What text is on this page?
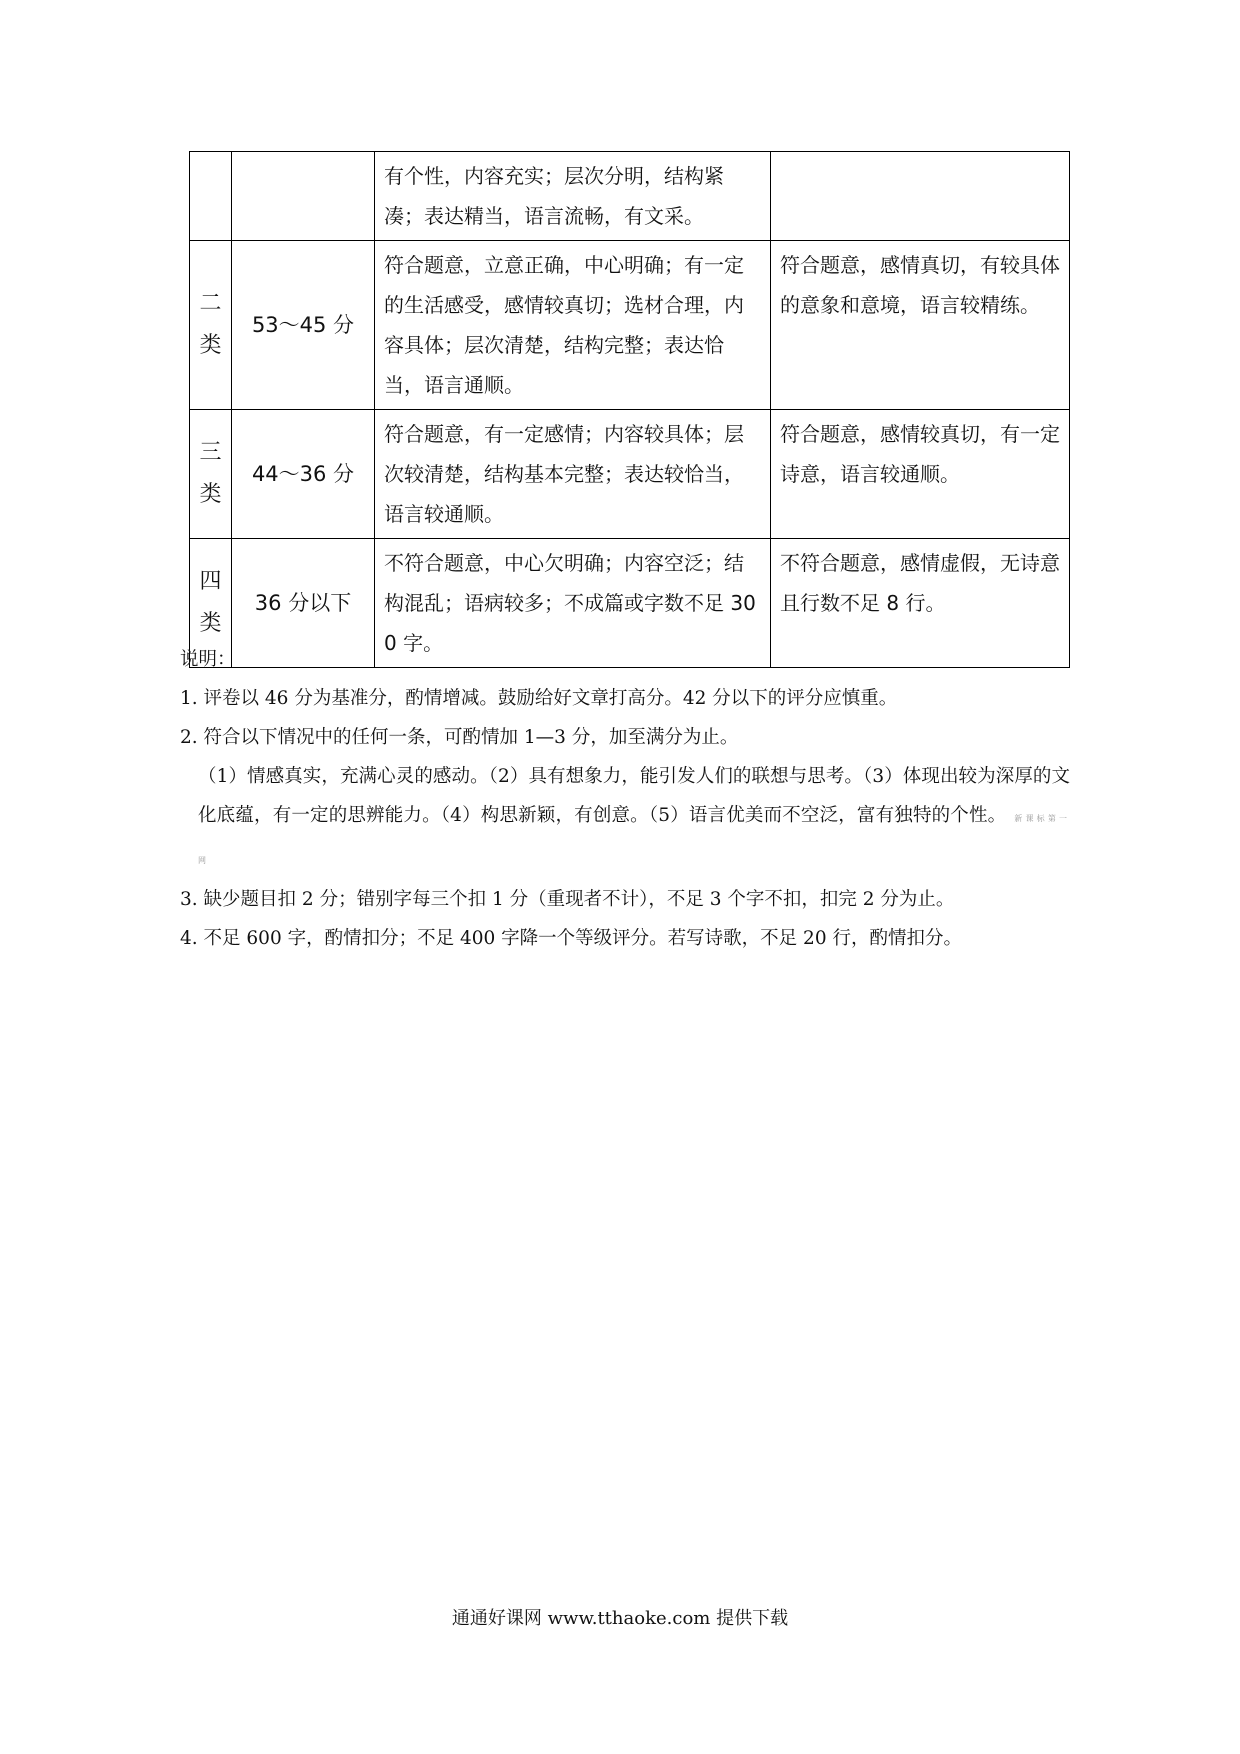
		有个性，内容充实；层次分明，结构紧凑；表达精当，语言流畅，有文采。	

二类	53～45 分	符合题意，立意正确，中心明确；有一定的生活感受，感情较真切；选材合理，内容具体；层次清楚，结构完整；表达恰当，语言通顺。	符合题意，感情真切，有较具体的意象和意境，语言较精练。

三类	44～36 分	符合题意，有一定感情；内容较具体；层次较清楚，结构基本完整；表达较恰当，语言较通顺。	符合题意，感情较真切，有一定诗意，语言较通顺。

四类	36 分以下	不符合题意，中心欠明确；内容空泛；结构混乱；语病较多；不成篇或字数不足 300 字。	不符合题意，感情虚假，无诗意且行数不足 8 行。

说明：

1. 评卷以 46 分为基准分，酌情增减。鼓励给好文章打高分。42 分以下的评分应慎重。

2. 符合以下情况中的任何一条，可酌情加 1—3 分，加至满分为止。

（1）情感真实，充满心灵的感动。（2）具有想象力，能引发人们的联想与思考。（3）体现出较为深厚的文化底蕴，有一定的思辨能力。（4）构思新颖，有创意。（5）语言优美而不空泛，富有独特的个性。 新课标第一网

3. 缺少题目扣 2 分；错别字每三个扣 1 分（重现者不计），不足 3 个字不扣，扣完 2 分为止。

4. 不足 600 字，酌情扣分；不足 400 字降一个等级评分。若写诗歌，不足 20 行，酌情扣分。

通通好课网 www.tthaoke.com 提供下载
